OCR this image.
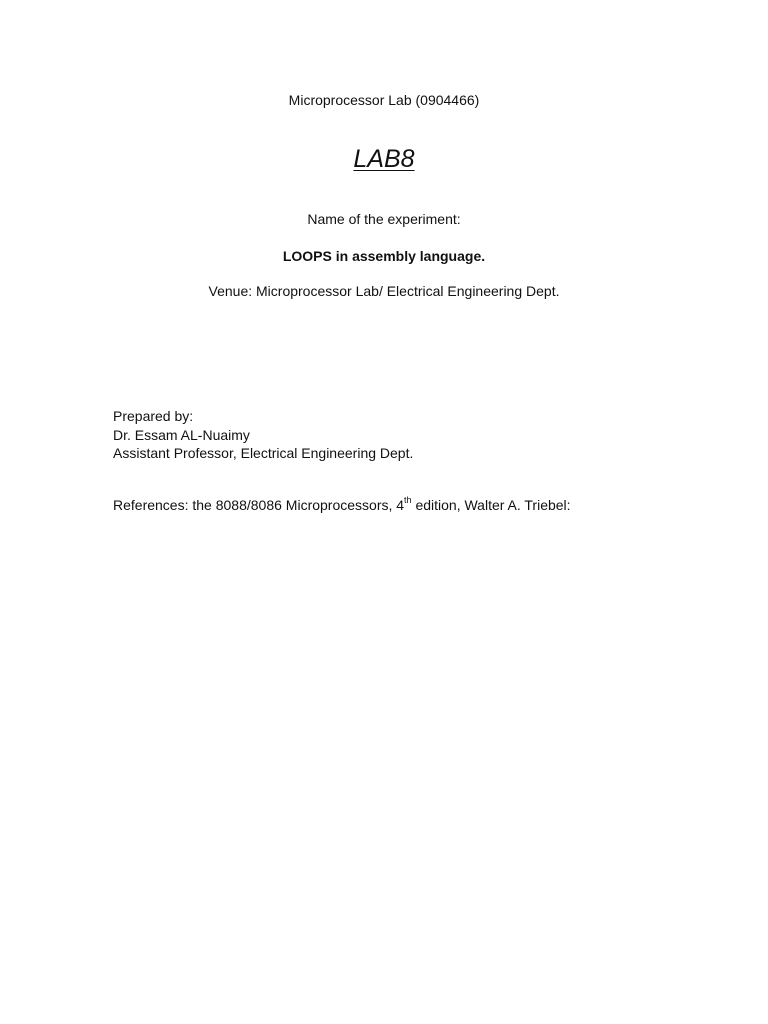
Microprocessor Lab (0904466)
LAB8
Name of the experiment:
LOOPS in assembly language.
Venue: Microprocessor Lab/ Electrical Engineering Dept.
Prepared by:
Dr. Essam AL-Nuaimy
Assistant Professor, Electrical Engineering Dept.
References: the 8088/8086 Microprocessors, 4th edition, Walter A. Triebel:
